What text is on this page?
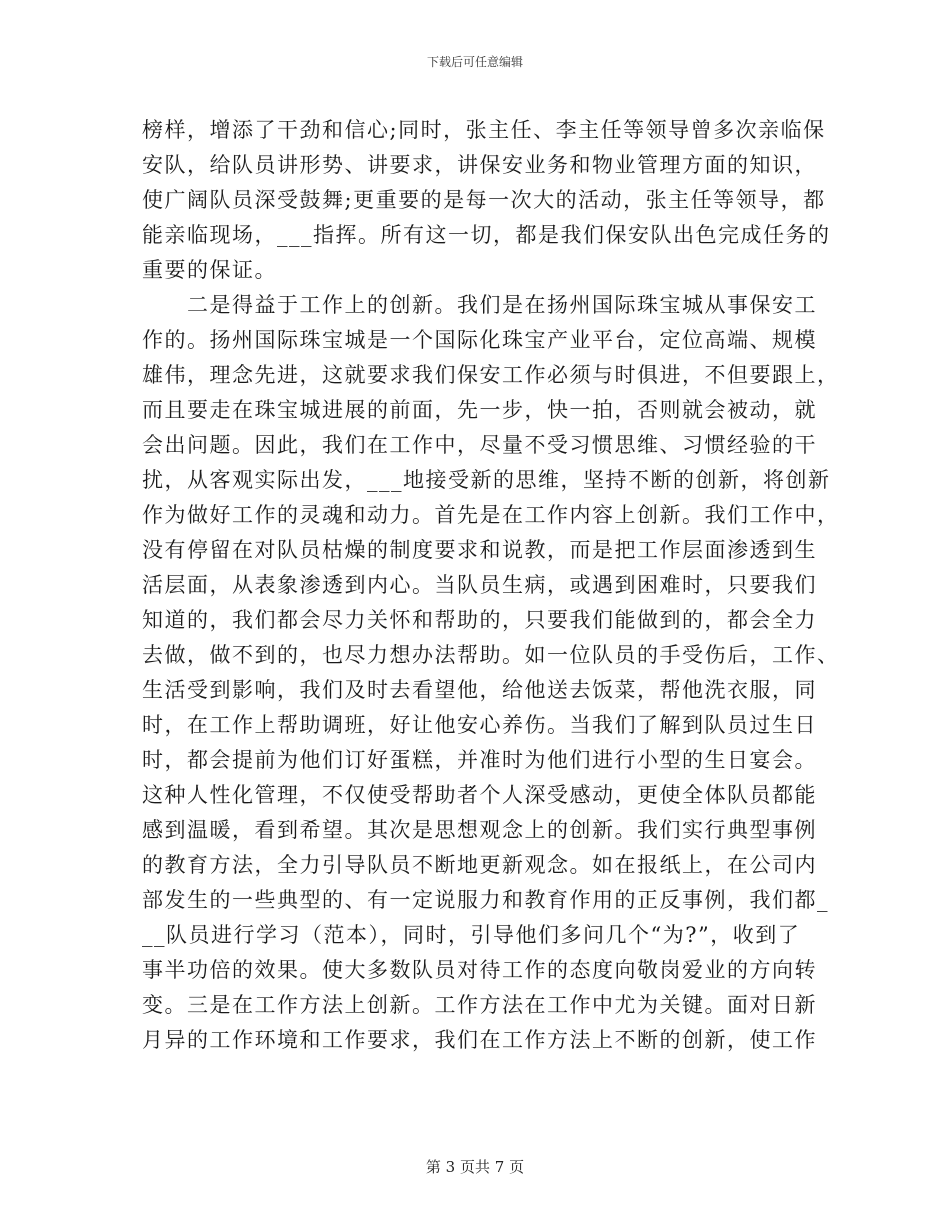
下载后可任意编辑
榜样，增添了干劲和信心;同时，张主任、李主任等领导曾多次亲临保
安队，给队员讲形势、讲要求，讲保安业务和物业管理方面的知识，
使广阔队员深受鼓舞;更重要的是每一次大的活动，张主任等领导，都
能亲临现场，___指挥。所有这一切，都是我们保安队出色完成任务的
重要的保证。
　　二是得益于工作上的创新。我们是在扬州国际珠宝城从事保安工
作的。扬州国际珠宝城是一个国际化珠宝产业平台，定位高端、规模
雄伟，理念先进，这就要求我们保安工作必须与时俱进，不但要跟上，
而且要走在珠宝城进展的前面，先一步，快一拍，否则就会被动，就
会出问题。因此，我们在工作中，尽量不受习惯思维、习惯经验的干
扰，从客观实际出发，___地接受新的思维，坚持不断的创新，将创新
作为做好工作的灵魂和动力。首先是在工作内容上创新。我们工作中，
没有停留在对队员枯燥的制度要求和说教，而是把工作层面渗透到生
活层面，从表象渗透到内心。当队员生病，或遇到困难时，只要我们
知道的，我们都会尽力关怀和帮助的，只要我们能做到的，都会全力
去做，做不到的，也尽力想办法帮助。如一位队员的手受伤后，工作、
生活受到影响，我们及时去看望他，给他送去饭菜，帮他洗衣服，同
时，在工作上帮助调班，好让他安心养伤。当我们了解到队员过生日
时，都会提前为他们订好蛋糕，并准时为他们进行小型的生日宴会。
这种人性化管理，不仅使受帮助者个人深受感动，更使全体队员都能
感到温暖，看到希望。其次是思想观念上的创新。我们实行典型事例
的教育方法，全力引导队员不断地更新观念。如在报纸上，在公司内
部发生的一些典型的、有一定说服力和教育作用的正反事例，我们都_
__队员进行学习（范本），同时，引导他们多问几个“为?”，收到了
事半功倍的效果。使大多数队员对待工作的态度向敬岗爱业的方向转
变。三是在工作方法上创新。工作方法在工作中尤为关键。面对日新
月异的工作环境和工作要求，我们在工作方法上不断的创新，使工作
第 3 页共 7 页
